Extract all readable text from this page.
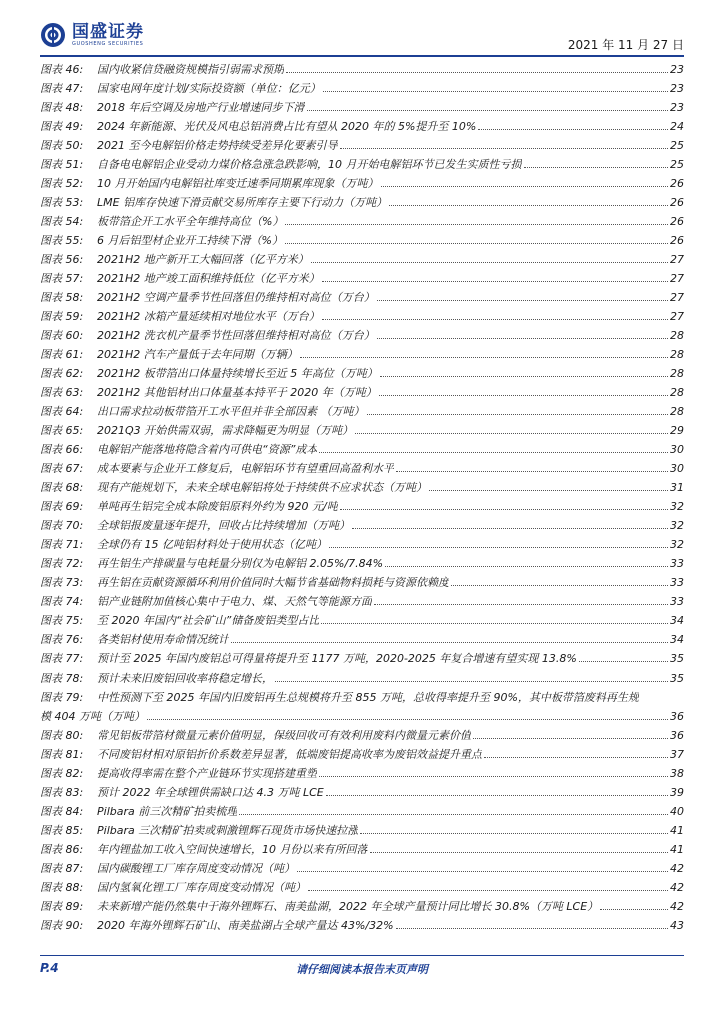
国盛证券
GUOSHENG SECURITIES	2021 年 11 月 27 日
图表 46:	国内收紧信贷融资规模指引弱需求预期	23
图表 47:	国家电网年度计划/实际投资额（单位：亿元）	23
图表 48:	2018 年后空调及房地产行业增速同步下滑	23
图表 49:	2024 年新能源、光伏及风电总铝消费占比有望从 2020 年的 5%提升至 10%	24
图表 50:	2021 至今电解铝价格走势持续受差异化要素引导	25
图表 51:	自备电电解铝企业受动力煤价格急涨急跌影响，10 月开始电解铝环节已发生实质性亏损	25
图表 52:	10 月开始国内电解铝社库变迁速季同期累库现象（万吨）	26
图表 53:	LME 铝库存快速下滑贡献交易所库存主要下行动力（万吨）	26
图表 54:	板带箔企开工水平全年维持高位（%）	26
图表 55:	6 月后铝型材企业开工持续下滑（%）	26
图表 56:	2021H2 地产新开工大幅回落（亿平方米）	27
图表 57:	2021H2 地产竣工面积维持低位（亿平方米）	27
图表 58:	2021H2 空调产量季节性回落但仍维持相对高位（万台）	27
图表 59:	2021H2 冰箱产量延续相对地位水平（万台）	27
图表 60:	2021H2 洗衣机产量季节性回落但维持相对高位（万台）	28
图表 61:	2021H2 汽车产量低于去年同期（万辆）	28
图表 62:	2021H2 板带箔出口体量持续增长至近 5 年高位（万吨）	28
图表 63:	2021H2 其他铝材出口体量基本持平于 2020 年（万吨）	28
图表 64:	出口需求拉动板带箔开工水平但并非全部因素 （万吨）	28
图表 65:	2021Q3 开始供需双弱，需求降幅更为明显（万吨）	29
图表 66:	电解铝产能落地将隐含着内可供电“资源”成本	30
图表 67:	成本要素与企业开工修复后，电解铝环节有望重回高盈利水平	30
图表 68:	现有产能规划下，未来全球电解铝将处于持续供不应求状态（万吨）	31
图表 69:	单吨再生铝完全成本除废铝原料外约为 920 元/吨	32
图表 70:	全球铝报废量逐年提升，回收占比持续增加（万吨）	32
图表 71:	全球仍有 15 亿吨铝材料处于使用状态（亿吨）	32
图表 72:	再生铝生产排碳量与电耗量分别仅为电解铝 2.05%/7.84%	33
图表 73:	再生铝在贡献资源循环利用价值同时大幅节省基础物料损耗与资源依赖度	33
图表 74:	铝产业链附加值核心集中于电力、煤、天然气等能源方面	33
图表 75:	至 2020 年国内“社会矿山”储备废铝类型占比	34
图表 76:	各类铝材使用寿命情况统计	34
图表 77:	预计至 2025 年国内废铝总可得量将提升至 1177 万吨，2020-2025 年复合增速有望实现 13.8%	35
图表 78:	预计未来旧废铝回收率将稳定增长，	35
图表 79:	中性预测下至 2025 年国内旧废铝再生总规模将升至 855 万吨，总收得率提升至 90%，其中板带箔废料再生规
模 404 万吨（万吨）	36
图表 80:	常见铝板带箔材微量元素价值明显，保级回收可有效利用废料内微量元素价值	36
图表 81:	不同废铝材相对原铝折价系数差异显著，低端废铝提高收率为废铝效益提升重点	37
图表 82:	提高收得率需在整个产业链环节实现搭建重塑	38
图表 83:	预计 2022 年全球锂供需缺口达 4.3 万吨 LCE	39
图表 84:	Pilbara 前三次精矿拍卖梳理	40
图表 85:	Pilbara 三次精矿拍卖或刺激锂辉石现货市场快速拉涨	41
图表 86:	年内锂盐加工收入空间快速增长，10 月份以来有所回落	41
图表 87:	国内碳酸锂工厂库存周度变动情况（吨）	42
图表 88:	国内氢氧化锂工厂库存周度变动情况（吨）	42
图表 89:	未来新增产能仍然集中于海外锂辉石、南美盐湖，2022 年全球产量预计同比增长 30.8%（万吨 LCE）	42
图表 90:	2020 年海外锂辉石矿山、南美盐湖占全球产量达 43%/32%	43
P.4	请仔细阅读本报告末页声明
